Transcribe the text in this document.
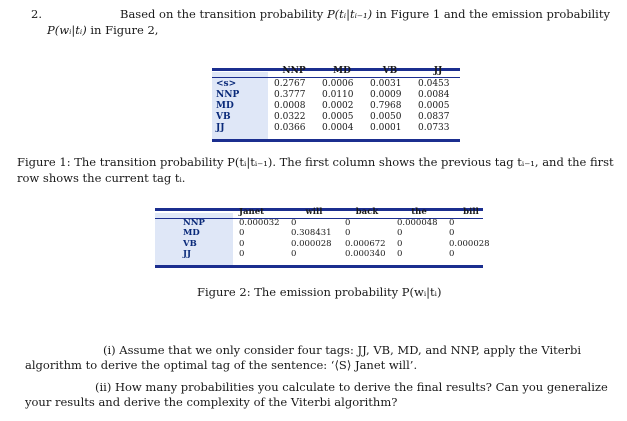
2.	Based on the transition probability P(tᵢ|tᵢ₋₁) in Figure 1 and the emission probability
P(wᵢ|tᵢ) in Figure 2,
	NNP	MD	VB	JJ

<s>	0.2767	0.0006	0.0031	0.0453
NNP	0.3777	0.0110	0.0009	0.0084
MD	0.0008	0.0002	0.7968	0.0005
VB	0.0322	0.0005	0.0050	0.0837
JJ	0.0366	0.0004	0.0001	0.0733
Figure 1: The transition probability P(tᵢ|tᵢ₋₁). The first column shows the previous tag tᵢ₋₁, and the first
row shows the current tag tᵢ.
	Janet	will	back	the	bill
NNP	0.000032	0	0	0.000048	0
MD	0	0.308431	0	0	0
VB	0	0.000028	0.000672	0	0.000028
JJ	0	0	0.000340	0	0
Figure 2: The emission probability P(wᵢ|tᵢ)
(i) Assume that we only consider four tags: JJ, VB, MD, and NNP, apply the Viterbi
algorithm to derive the optimal tag of the sentence: ‘⟨S⟩ Janet will’.
(ii) How many probabilities you calculate to derive the final results? Can you generalize
your results and derive the complexity of the Viterbi algorithm?
